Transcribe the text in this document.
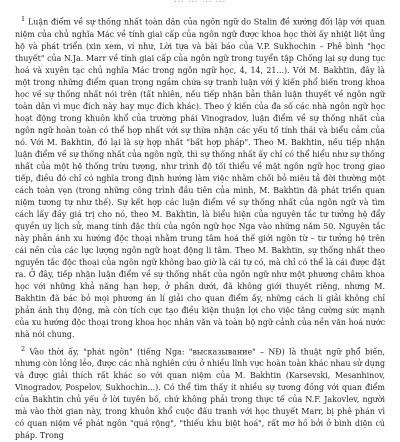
... ... ... ...

$^1$ Luận điểm về sự thống nhất toàn dân của ngôn ngữ do Stalin đề xướng đối lập với quan niệm của chủ nghĩa Mác về tính giai cấp của ngôn ngữ được khoa học thời ấy nhiệt liệt ủng hộ và phát triển (xin xem, ví như, Lời tựa và bài báo của V.P. Sukhochin – Phê bình "học thuyết" của N.Ja. Marr về tính giai cấp của ngôn ngữ trong tuyển tập Chống lại sự dung tục hoá và xuyên tạc chủ nghĩa Mác trong ngôn ngữ học, 4, 14, 21...). Với M. Bakhtin, đây là một trong những điểm quan trọng ngầm chứa sự tranh luận với ý kiến phổ biến trong khoa học về sự thống nhất nói trên (tất nhiên, nếu tiếp nhận bản thân luận thuyết về ngôn ngữ toàn dân vì mục đích này hay mục đích khác). Theo ý kiến của đa số các nhà ngôn ngữ học hoạt động trong khuôn khổ của trường phái Vinogradov, luận điểm về sự thống nhất của ngôn ngữ hoàn toàn có thể hợp nhất với sự thừa nhận các yếu tố tính thái và biểu cảm của nó. Với M. Bakhtin, đó lại là sự hợp nhất "bất hợp pháp". Theo M. Bakhtin, nếu tiếp nhận luận điểm về sự thống nhất của ngôn ngữ, thì sự thống nhất ấy chỉ có thể hiểu như sự thống nhất của một hệ thống trừu tượng, như trình độ tối thiểu về mặt ngôn ngữ học trong giao tiếp, điều đó chỉ có nghĩa trong định hướng làm việc nhằm chối bỏ miêu tả đời thường một cách toàn vẹn (trong những công trình đầu tiên của mình, M. Bakhtin đã phát triển quan niệm tương tự như thế). Sự kết hợp các luận điểm về sự thống nhất của ngôn ngữ và tìm cách lấy đầy giá trị cho nó, theo M. Bakhtin, là biểu hiện của nguyên tắc tư tưởng hệ đẩy quyền uy lịch sử, mang tính đặc thù của ngôn ngữ học Nga vào những năm 50. Nguyên tắc này phản ánh xu hướng độc thoại nhằm trung tâm hoá thế giới ngôn từ – tư tưởng hệ trên cái nền của các lực lượng ngôn ngữ hoạt động li tâm. Theo M. Bakhtin, sự thống nhất theo nguyên tắc độc thoại của ngôn ngữ không bao giờ là cái tự có, mà chỉ có thể là cái được đặt ra. Ở đây, tiếp nhận luận điểm về sự thống nhất của ngôn ngữ như một phương châm khoa học với những khả năng hạn hẹp, ở phần dưới, đã không giới thuyết riêng, nhưng M. Bakhtin đã bác bỏ mọi phương án lí giải cho quan điểm ấy, những cách lí giải không chỉ phản ánh thụ động, mà còn tích cực tạo điều kiện thuận lợi cho việc tăng cường sức mạnh của xu hướng độc thoại trong khoa học nhân văn và toàn bộ ngữ cảnh của nền văn hoá nước nhà nói chung.

$^2$ Vào thời ấy, "phát ngôn" (tiếng Nga: "высказывание" – NĐ) là thuật ngữ phổ biến, nhưng còn lỏng lẻo, được các nhà nghiên cứu ở nhiều lĩnh vực hoàn toàn khác nhau sử dụng và được giải thích rất khác so với quan niệm của M. Bakhtin (Karsevski, Mesanhinov, Vinogradov, Pospelov, Sukhochin...). Có thể tìm thấy ít nhiều sự tương đồng với quan điểm của Bakhtin chủ yếu ở lời tuyên bố, chứ không phải trong thực tế của N.F. Jakovlev, người mà vào thời gian này, trong khuôn khổ cuộc đấu tranh với học thuyết Marr, bị phê phán vì có quan niệm về phát ngôn "quá rộng", "thiếu khu biệt hoá", rất mơ hồ bởi ở bình diện cú pháp. Trong
